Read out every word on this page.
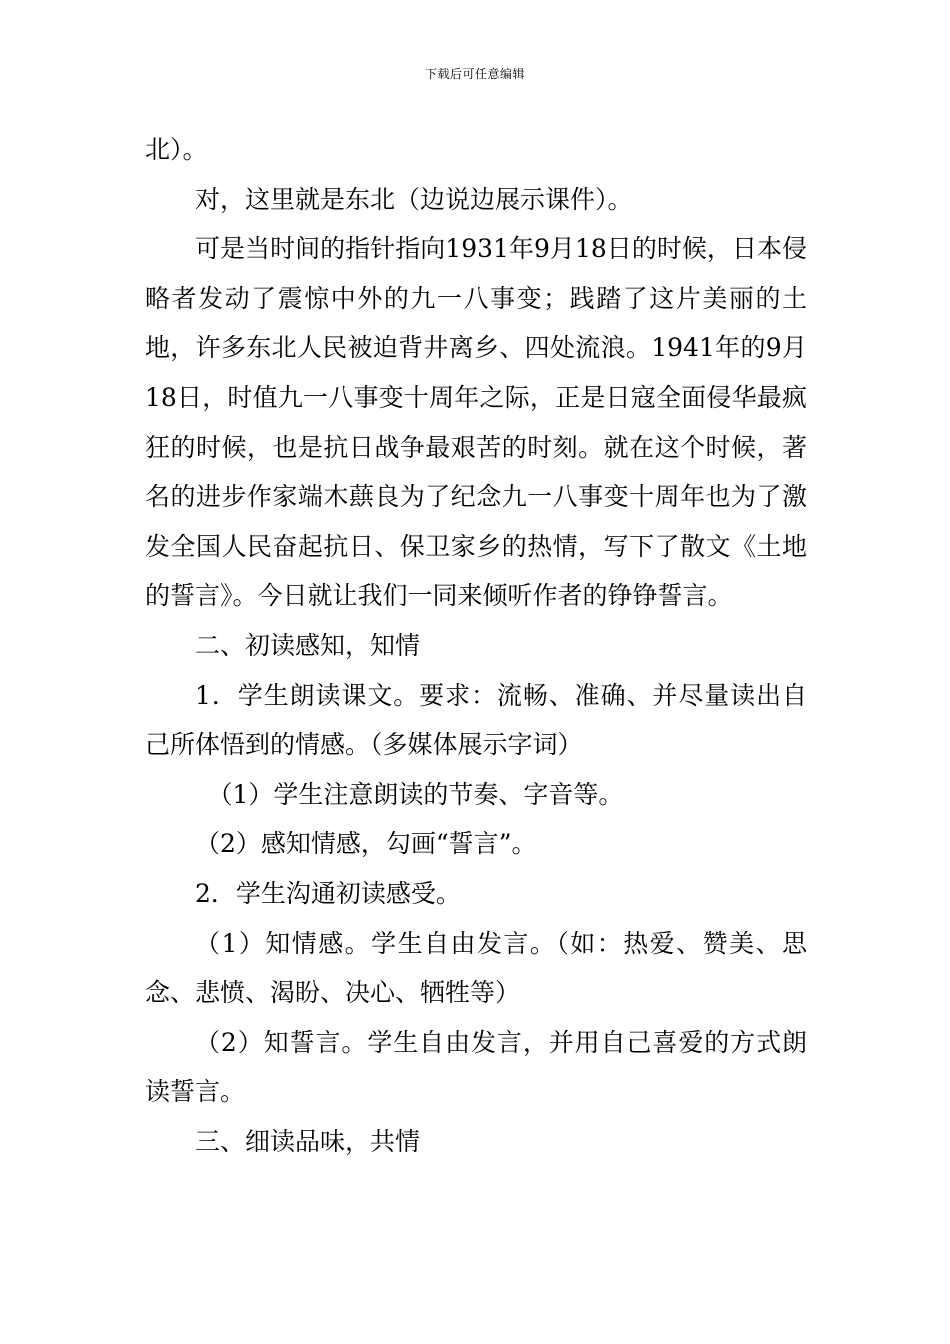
下载后可任意编辑

北）。

对，这里就是东北（边说边展示课件）。

可是当时间的指针指向1931年9月18日的时候，日本侵略者发动了震惊中外的九一八事变；践踏了这片美丽的土地，许多东北人民被迫背井离乡、四处流浪。1941年的9月18日，时值九一八事变十周年之际，正是日寇全面侵华最疯狂的时候，也是抗日战争最艰苦的时刻。就在这个时候，著名的进步作家端木蕻良为了纪念九一八事变十周年也为了激发全国人民奋起抗日、保卫家乡的热情，写下了散文《土地的誓言》。今日就让我们一同来倾听作者的铮铮誓言。

二、初读感知，知情

1．学生朗读课文。要求：流畅、准确、并尽量读出自己所体悟到的情感。（多媒体展示字词）

（1）学生注意朗读的节奏、字音等。

（2）感知情感，勾画“誓言”。

2．学生沟通初读感受。

（1）知情感。学生自由发言。（如：热爱、赞美、思念、悲愤、渴盼、决心、牺牲等）

（2）知誓言。学生自由发言，并用自己喜爱的方式朗读誓言。

三、细读品味，共情
